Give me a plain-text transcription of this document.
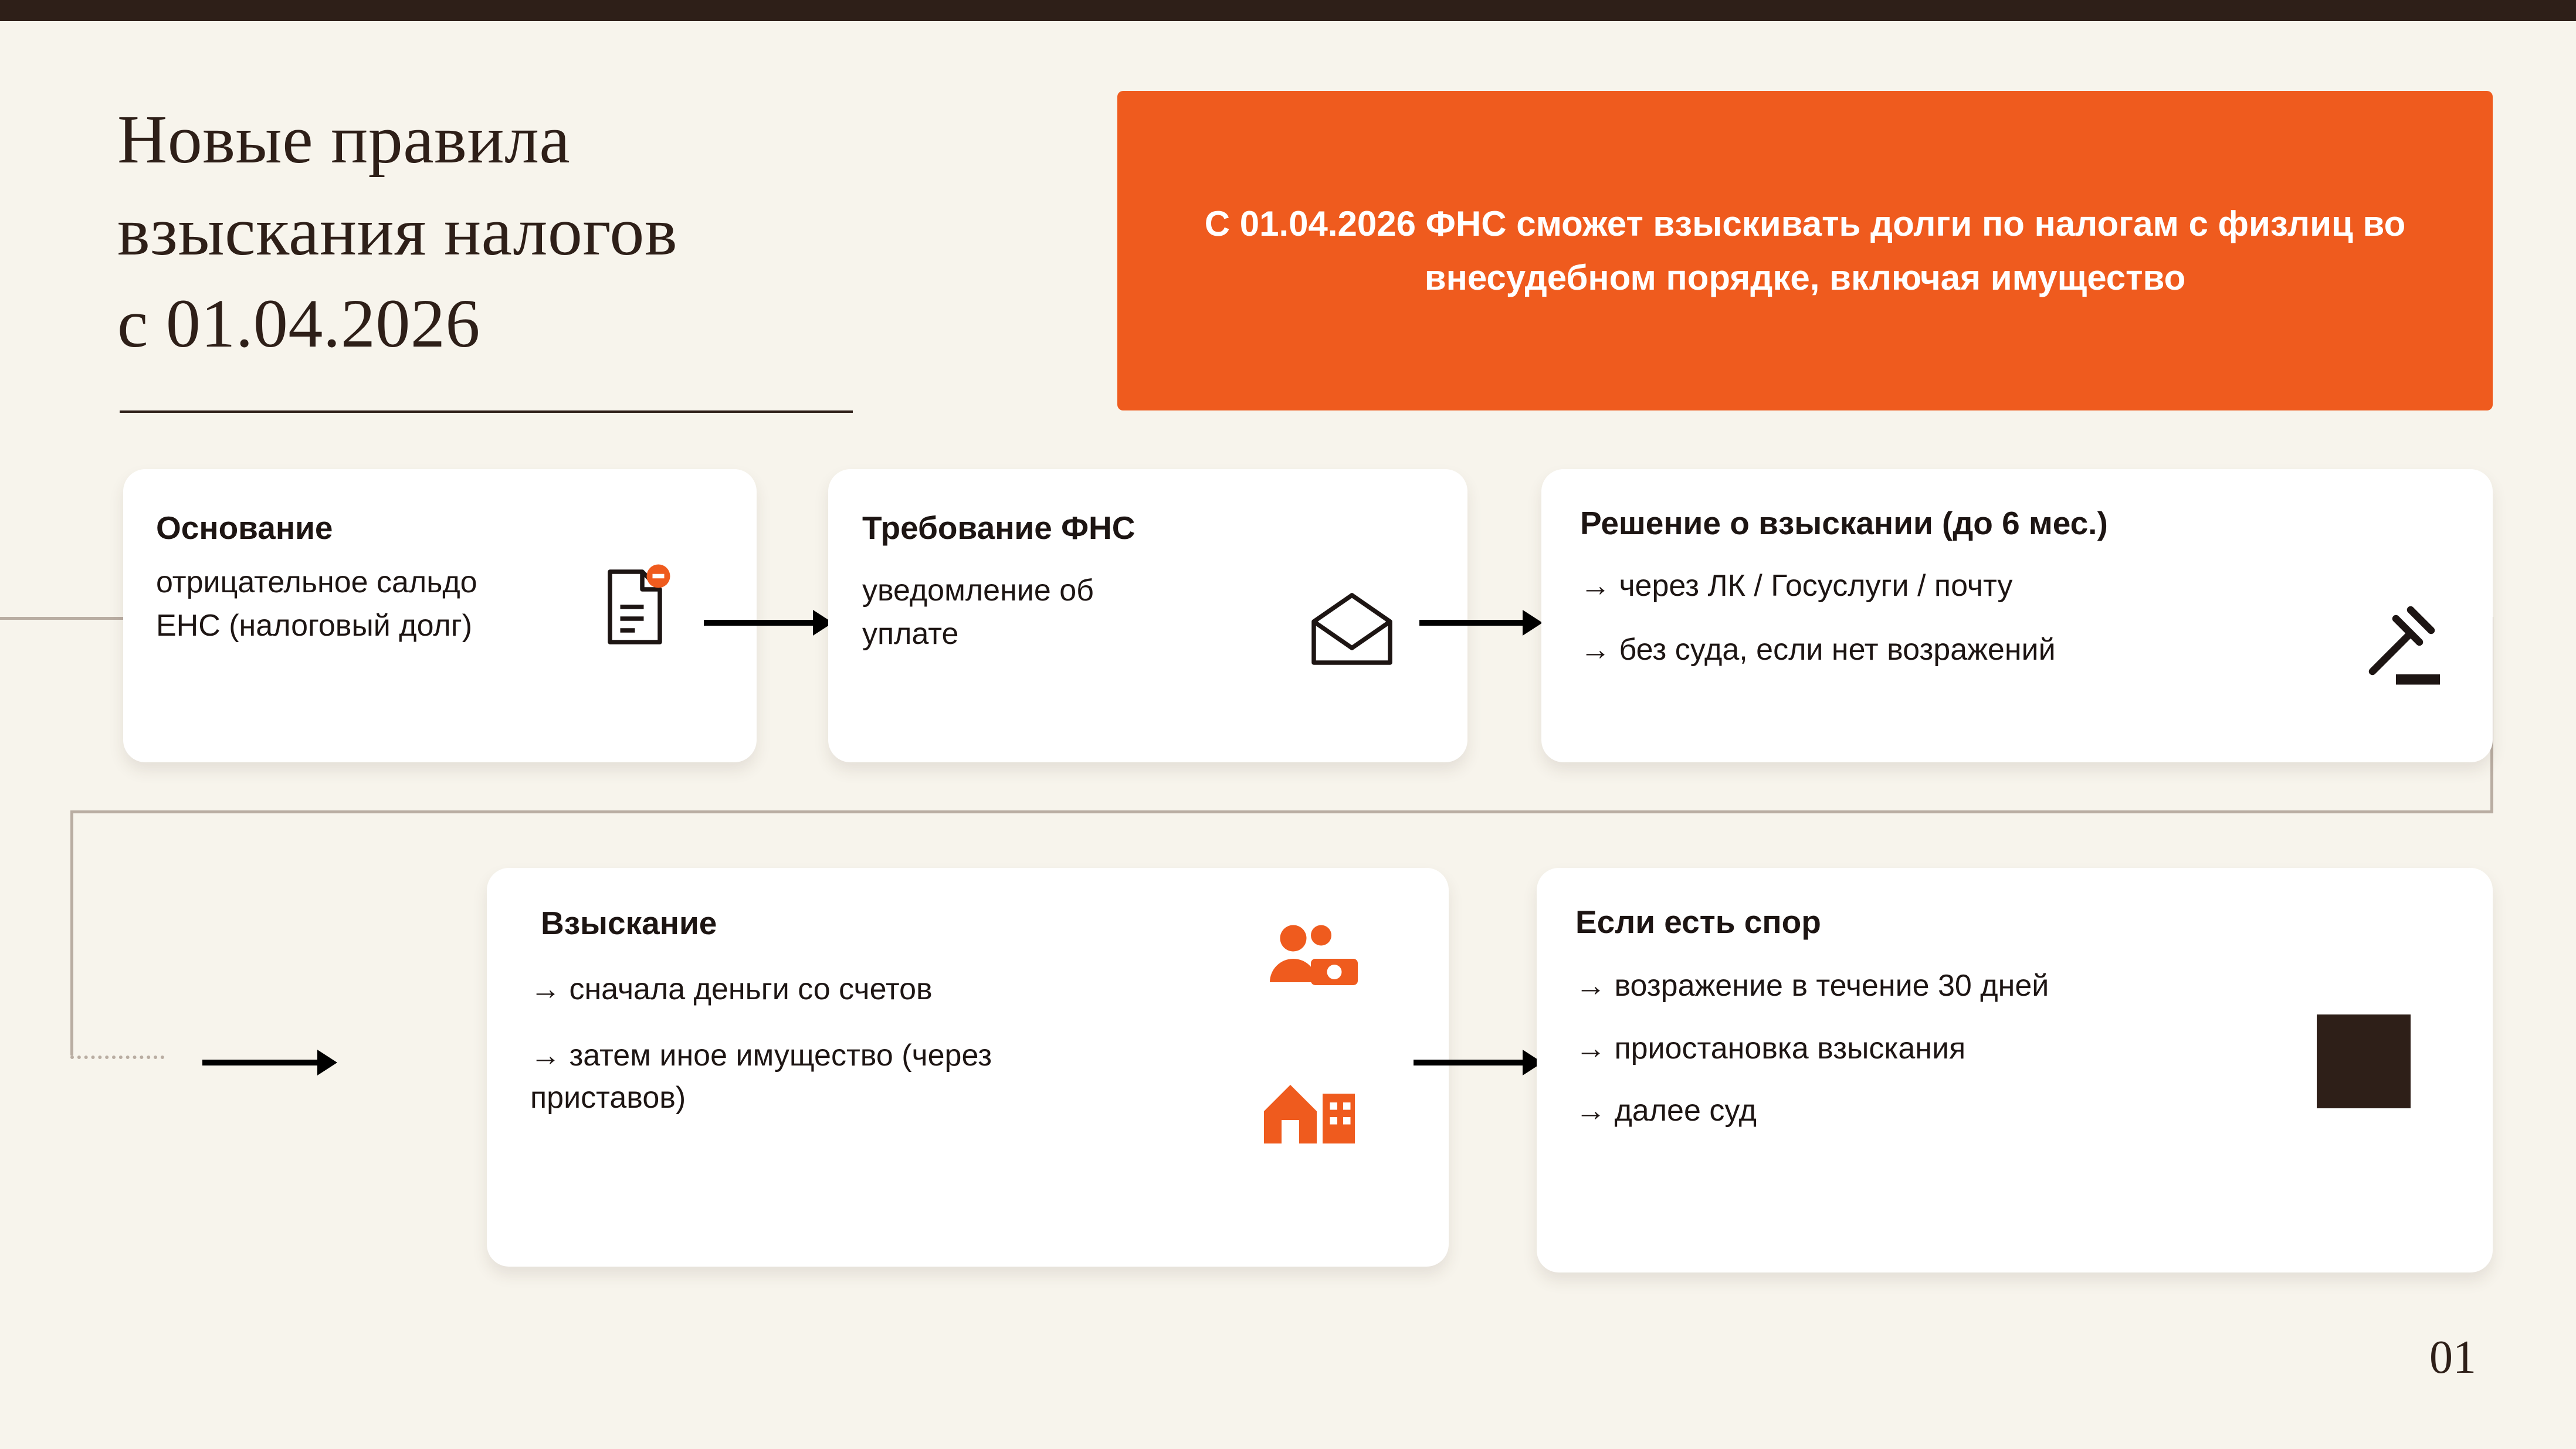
Новые правила
взыскания налогов
с 01.04.2026
С 01.04.2026 ФНС сможет взыскивать долги по налогам с физлиц во внесудебном порядке, включая имущество
Основание
отрицательное сальдо ЕНС (налоговый долг)
Требование ФНС
уведомление об уплате
Решение о взыскании (до 6 мес.)
→ через ЛК / Госуслуги / почту
→ без суда, если нет возражений
Взыскание
→ сначала деньги со счетов
→ затем иное имущество (через приставов)
Если есть спор
→ возражение в течение 30 дней
→ приостановка взыскания
→ далее суд
01
